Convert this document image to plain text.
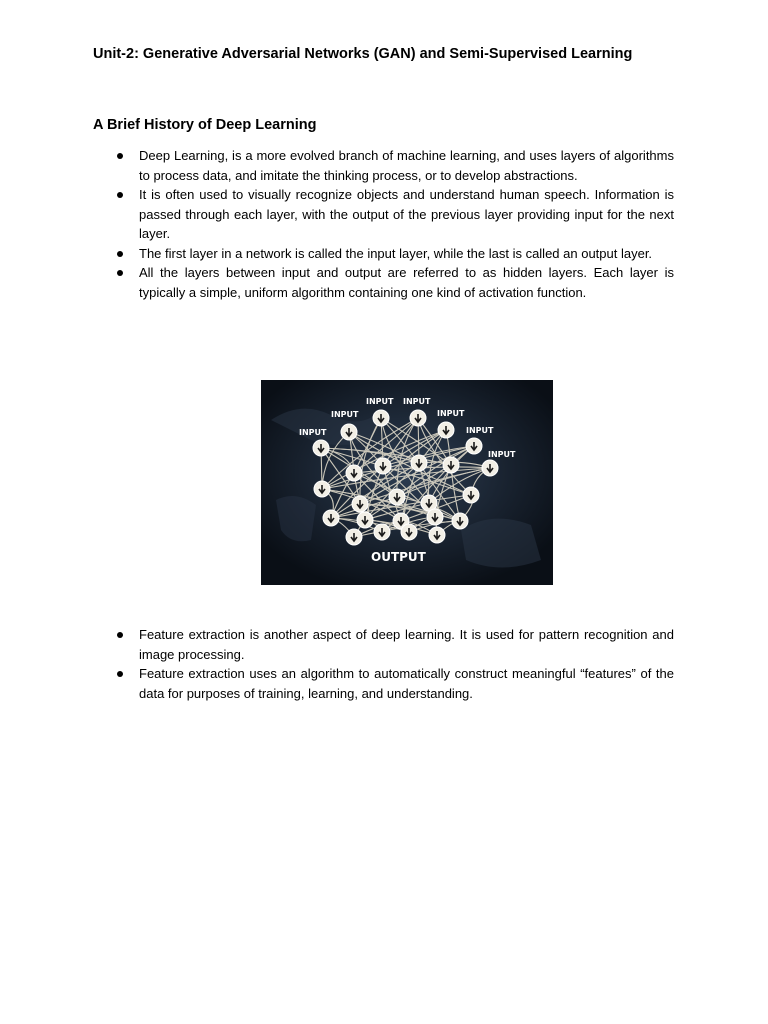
Unit-2: Generative Adversarial Networks (GAN) and Semi-Supervised Learning
A Brief History of Deep Learning
Deep Learning, is a more evolved branch of machine learning, and uses layers of algorithms to process data, and imitate the thinking process, or to develop abstractions.
It is often used to visually recognize objects and understand human speech. Information is passed through each layer, with the output of the previous layer providing input for the next layer.
The first layer in a network is called the input layer, while the last is called an output layer.
All the layers between input and output are referred to as hidden layers. Each layer is typically a simple, uniform algorithm containing one kind of activation function.
INPUT INPUT
INPUT	INPUT
INPUT	INPUT
INPUT
OUTPUT
Feature extraction is another aspect of deep learning. It is used for pattern recognition and image processing.
Feature extraction uses an algorithm to automatically construct meaningful “features” of the data for purposes of training, learning, and understanding.
